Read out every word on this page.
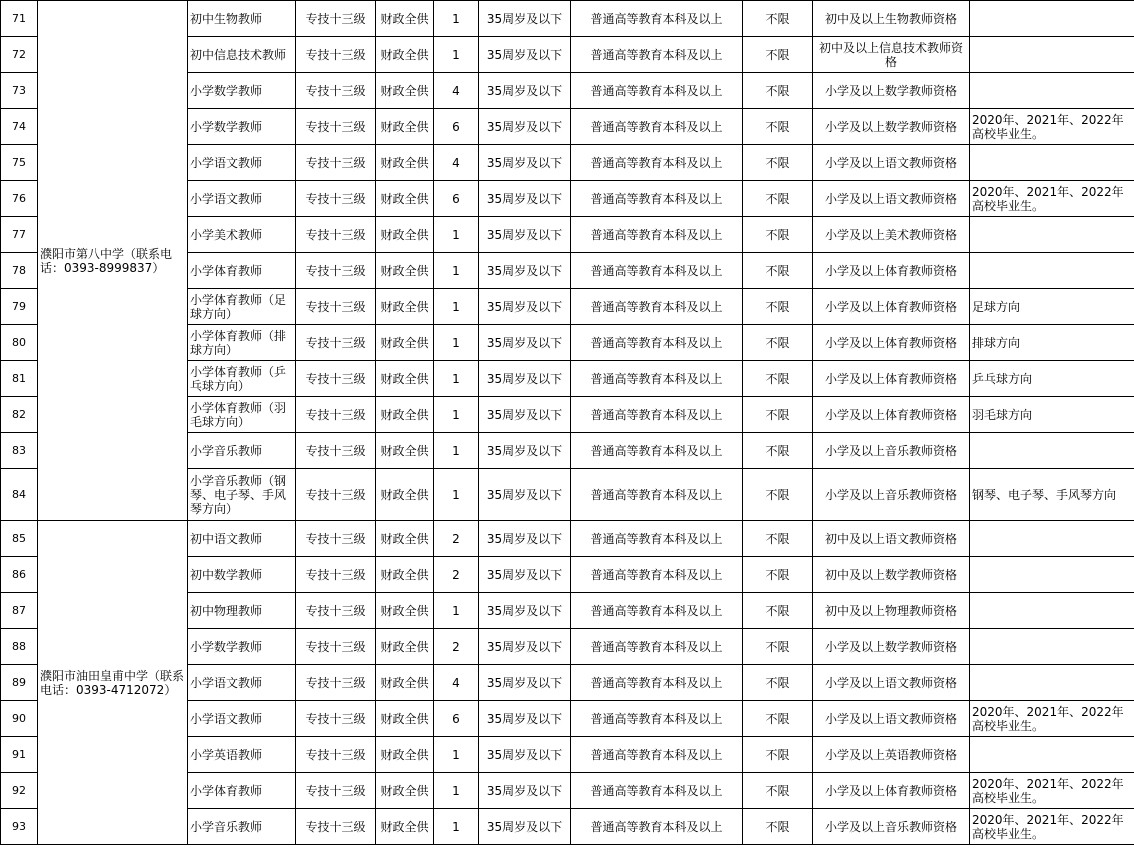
71	濮阳市第八中学（联系电话：0393-8999837）	初中生物教师	专技十三级	财政全供	1	35周岁及以下	普通高等教育本科及以上	不限	初中及以上生物教师资格	
72		初中信息技术教师	专技十三级	财政全供	1	35周岁及以下	普通高等教育本科及以上	不限	初中及以上信息技术教师资格	
73		小学数学教师	专技十三级	财政全供	4	35周岁及以下	普通高等教育本科及以上	不限	小学及以上数学教师资格	
74		小学数学教师	专技十三级	财政全供	6	35周岁及以下	普通高等教育本科及以上	不限	小学及以上数学教师资格	2020年、2021年、2022年高校毕业生。
75		小学语文教师	专技十三级	财政全供	4	35周岁及以下	普通高等教育本科及以上	不限	小学及以上语文教师资格	
76		小学语文教师	专技十三级	财政全供	6	35周岁及以下	普通高等教育本科及以上	不限	小学及以上语文教师资格	2020年、2021年、2022年高校毕业生。
77		小学美术教师	专技十三级	财政全供	1	35周岁及以下	普通高等教育本科及以上	不限	小学及以上美术教师资格	
78		小学体育教师	专技十三级	财政全供	1	35周岁及以下	普通高等教育本科及以上	不限	小学及以上体育教师资格	
79		小学体育教师（足球方向）	专技十三级	财政全供	1	35周岁及以下	普通高等教育本科及以上	不限	小学及以上体育教师资格	足球方向
80		小学体育教师（排球方向）	专技十三级	财政全供	1	35周岁及以下	普通高等教育本科及以上	不限	小学及以上体育教师资格	排球方向
81		小学体育教师（乒乓球方向）	专技十三级	财政全供	1	35周岁及以下	普通高等教育本科及以上	不限	小学及以上体育教师资格	乒乓球方向
82		小学体育教师（羽毛球方向）	专技十三级	财政全供	1	35周岁及以下	普通高等教育本科及以上	不限	小学及以上体育教师资格	羽毛球方向
83		小学音乐教师	专技十三级	财政全供	1	35周岁及以下	普通高等教育本科及以上	不限	小学及以上音乐教师资格	
84		小学音乐教师（钢琴、电子琴、手风琴方向）	专技十三级	财政全供	1	35周岁及以下	普通高等教育本科及以上	不限	小学及以上音乐教师资格	钢琴、电子琴、手风琴方向
85	濮阳市油田皇甫中学（联系电话：0393-4712072）	初中语文教师	专技十三级	财政全供	2	35周岁及以下	普通高等教育本科及以上	不限	初中及以上语文教师资格	
86		初中数学教师	专技十三级	财政全供	2	35周岁及以下	普通高等教育本科及以上	不限	初中及以上数学教师资格	
87		初中物理教师	专技十三级	财政全供	1	35周岁及以下	普通高等教育本科及以上	不限	初中及以上物理教师资格	
88		小学数学教师	专技十三级	财政全供	2	35周岁及以下	普通高等教育本科及以上	不限	小学及以上数学教师资格	
89		小学语文教师	专技十三级	财政全供	4	35周岁及以下	普通高等教育本科及以上	不限	小学及以上语文教师资格	
90		小学语文教师	专技十三级	财政全供	6	35周岁及以下	普通高等教育本科及以上	不限	小学及以上语文教师资格	2020年、2021年、2022年高校毕业生。
91		小学英语教师	专技十三级	财政全供	1	35周岁及以下	普通高等教育本科及以上	不限	小学及以上英语教师资格	
92		小学体育教师	专技十三级	财政全供	1	35周岁及以下	普通高等教育本科及以上	不限	小学及以上体育教师资格	2020年、2021年、2022年高校毕业生。
93		小学音乐教师	专技十三级	财政全供	1	35周岁及以下	普通高等教育本科及以上	不限	小学及以上音乐教师资格	2020年、2021年、2022年高校毕业生。
